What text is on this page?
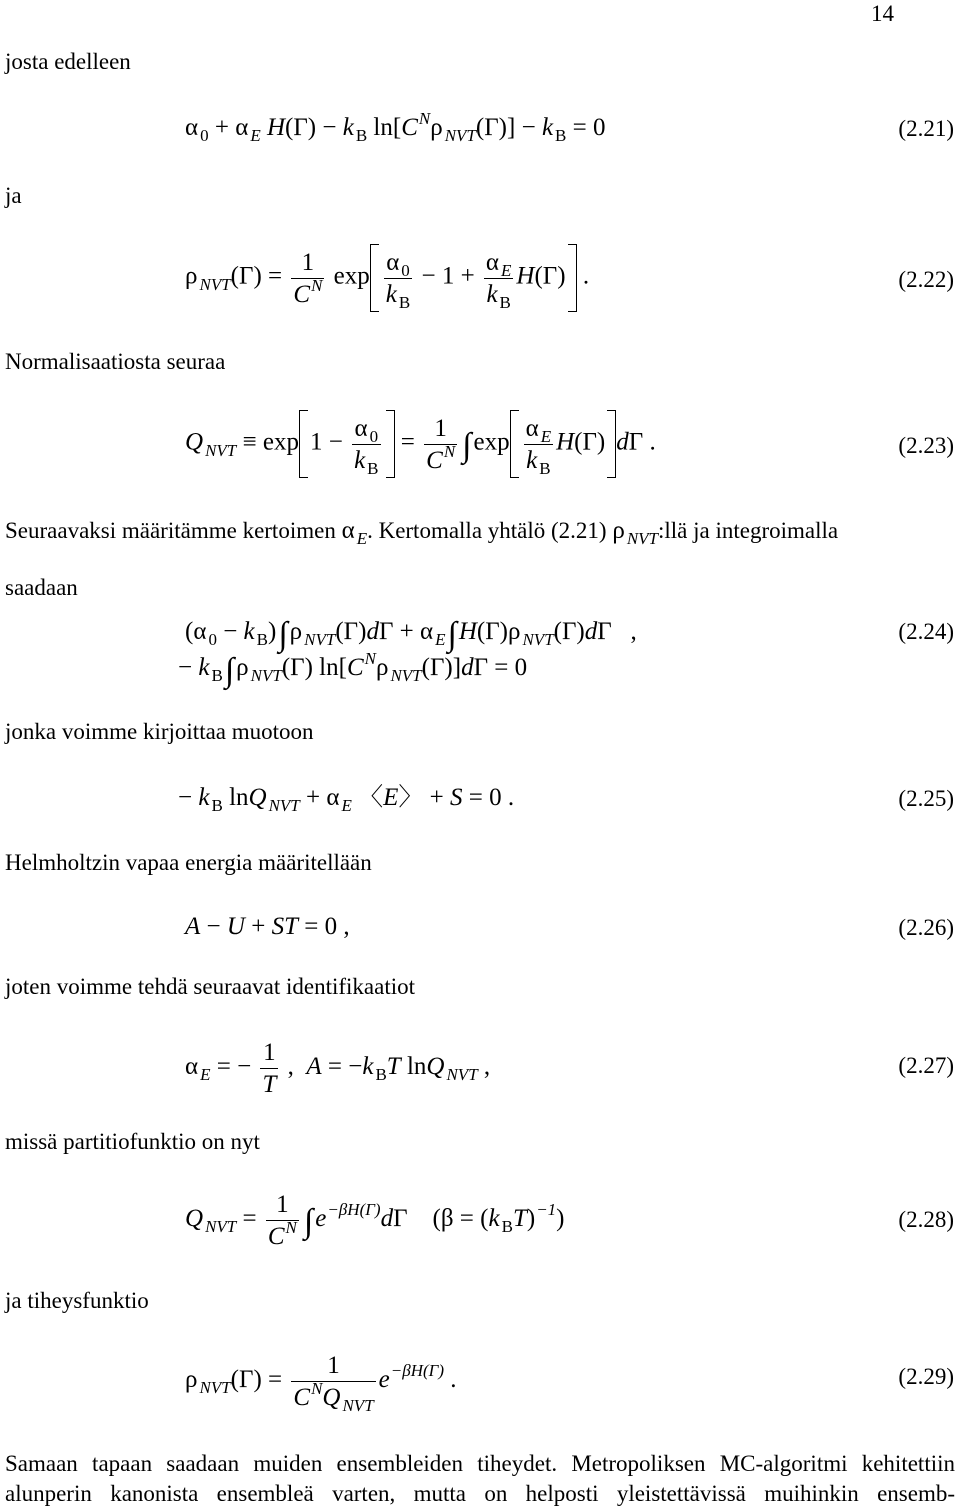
14
josta edelleen
α $_0$ + α $_E$ H(Γ) − k $_B$ $\ln[C^N\rho$ $_{NVT}$(Γ)] − k $_B$ = 0	(2.21)
ja
ρ $_{NVT}(\Gamma) = \frac{1}{C^N}$ $\exp \frac{\alpha _0}{k _B} - 1 + \frac{\alpha _E}{k _B} H(\Gamma)$ .	(2.22)
Normalisaatiosta seuraa
Q $_{NVT} \equiv \exp 1 - \frac{\alpha _0}{k _B} = \frac{1}{C^N} \int\exp \frac{\alpha _E}{k _B} H(\Gamma)$ dΓ .	(2.23)
Seuraavaksi määritämme kertoimen α $_E$. Kertomalla yhtälö (2.21) ρ $_{NVT}$:llä ja integroimalla
saadaan
(α $_0$ − k $_B$)∫ρ $_{NVT}$(Γ)dΓ + α $_E$∫H(Γ)ρ $_{NVT}$(Γ)dΓ   ,	(2.24)
− k $_B$∫ρ $_{NVT}$(Γ) $\ln[C^N\rho$ $_{NVT}$(Γ)]dΓ = 0
jonka voimme kirjoittaa muotoon
− k $_B$ lnQ $_{NVT}$ + α $_E$ 〈E〉 + S = 0 .	(2.25)
Helmholtzin vapaa energia määritellään
A − U + ST = 0 ,	(2.26)
joten voimme tehdä seuraavat identifikaatiot
α $_E$ = − $\frac{1}{T}$ ,  A = −k $_B$T lnQ $_{NVT}$ ,	(2.27)
missä partitiofunktio on nyt
Q $_{NVT} = \frac{1}{C^N} \int e^{-\beta H(\Gamma)}d\Gamma$    (β = (k $_B$T)$^{-1}$)	(2.28)
ja tiheysfunktio
ρ $_{NVT}(\Gamma) = \frac{1}{C^NQ _{NVT}} e^{-\beta H(\Gamma)}$ .	(2.29)
Samaan tapaan saadaan muiden ensembleiden tiheydet. Metropoliksen MC-algoritmi kehitettiin alunperin kanonista ensembleä varten, mutta on helposti yleistettävissä muihinkin ensemb-
